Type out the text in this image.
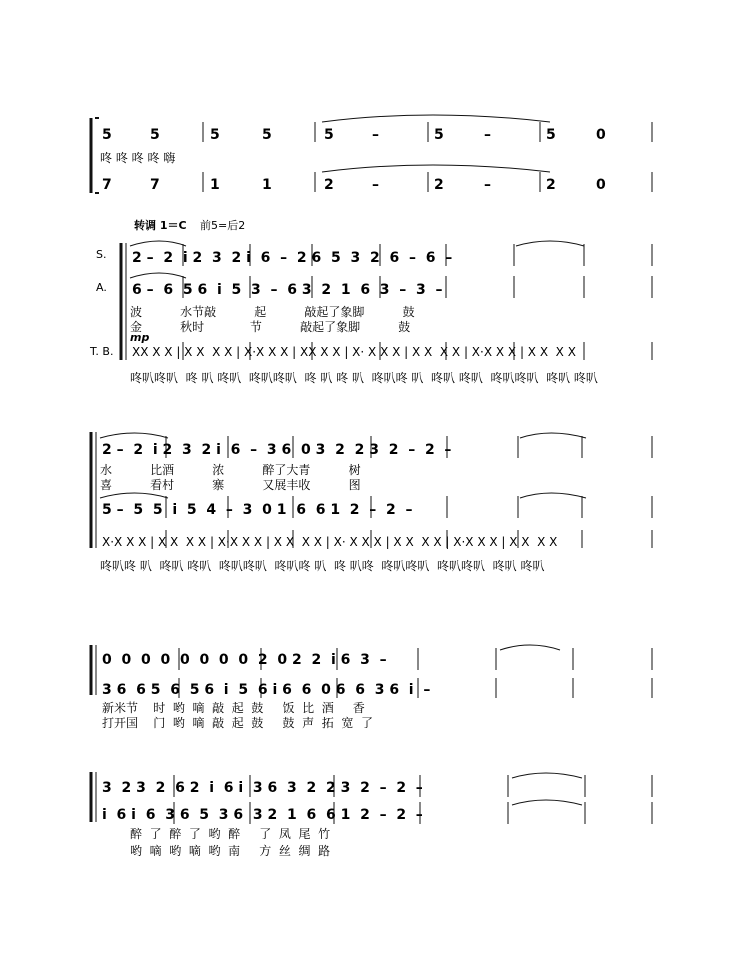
5	5	5	5	5	–	5	–	5	0
咚 咚 咚 咚 嗨
7	7	1	1	2	–	2	–	2	0
转调 1＝C 前5=后2
S.
A.
T. B.
2 –  2  i 2  3  2 i  6  –  2 6  5  3  2  6  –  6  –
6 –  6  5 6  i  5  3  –  6 3  2  1  6  3  –  3  –
波          水节敲          起          敲起了象脚          鼓
金          秋时            节          敲起了象脚          鼓
mp
XX X X | X X  X X | X·X X X | XX X X | X· X X X | X X  X X | X·X X X | X X  X X
咚叭咚叭  咚 叭 咚叭  咚叭咚叭  咚 叭 咚 叭  咚叭咚 叭  咚叭 咚叭  咚叭咚叭  咚叭 咚叭
2 –  2  i 2  3  2 i  6  –  3 6  0 3  2  2 3  2  –  2  –
水          比酒          浓          醉了大青          树
喜          看村          寨          又展丰收          图
5 –  5  5  i  5  4  –  3  0 1  6  6 1  2  –  2  –
X·X X X | X X  X X | X·X X X | X X  X X | X· X X X | X X  X X | X·X X X | X X  X X
咚叭咚 叭  咚叭 咚叭  咚叭咚叭  咚叭咚 叭  咚 叭咚  咚叭咚叭  咚叭咚叭  咚叭 咚叭
0  0  0  0  0  0  0  0  2  0 2  2  i 6  3  –
3 6  6 5  6  5 6  i  5  6 i 6  6  0 6  6  3 6  i  –
新米节    时  哟  嘀  敲  起  鼓     饭  比  酒     香
打开国    门  哟  嘀  敲  起  鼓     鼓  声  拓  宽  了
3  2 3  2  6 2  i  6 i  3 6  3  2  2 3  2  –  2  –
i  6 i  6  3 6  5  3 6  3 2  1  6  6 1  2  –  2  –
醉  了  醉  了  哟  醉     了  凤  尾  竹
哟  嘀  哟  嘀  哟  南     方  丝  绸  路
